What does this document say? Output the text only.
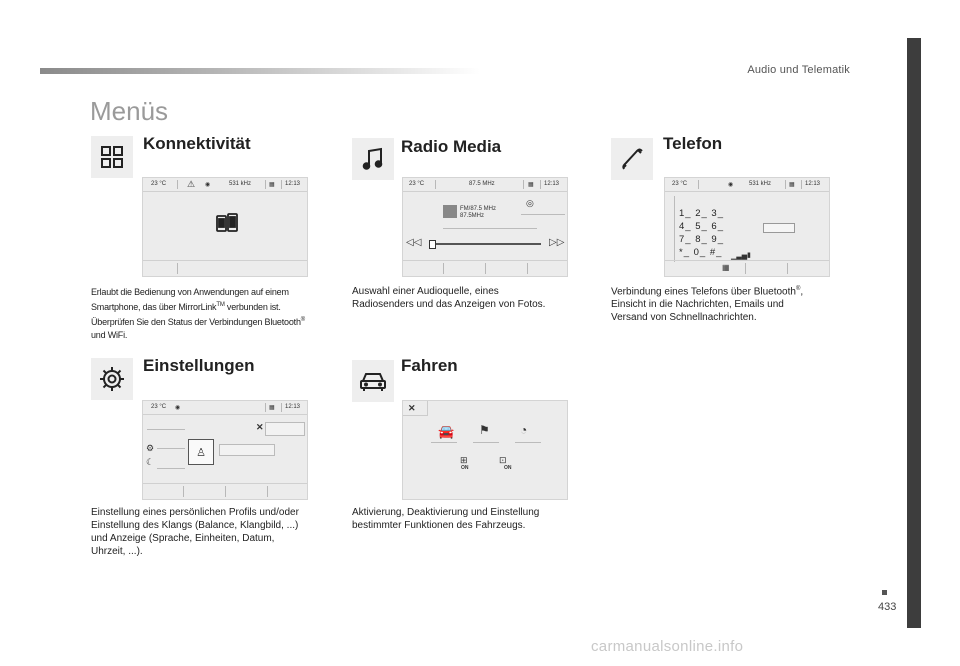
Audio und Telematik
433
Menüs
Konnektivität
23 °C ⚠ ◉	531 kHz	▦ 12:13

Erlaubt die Bedienung von Anwendungen auf einem
Smartphone, das über MirrorLink™ verbunden ist.
Überprüfen Sie den Status der Verbindungen Bluetooth®
und WiFi.

Radio Media
23 °C	87.5 MHz	▦ 12:13
◎
FM/87.5 MHz
87.5MHz
◁◁	▷▷

Auswahl einer Audioquelle, eines
Radiosenders und das Anzeigen von Fotos.

Telefon
23 °C	◉	531 kHz	▦ 12:13
1_ 2_ 3_
4_ 5_ 6_
7_ 8_ 9_
*_ 0_ #_ ▁▃▅ ▮
▦

Verbindung eines Telefons über Bluetooth®,
Einsicht in die Nachrichten, Emails und
Versand von Schnellnachrichten.

Einstellungen
23 °C ◉	▦ 12:13
✕
⚙
☾
♙

Einstellung eines persönlichen Profils und/oder
Einstellung des Klangs (Balance, Klangbild, ...)
und Anzeige (Sprache, Einheiten, Datum,
Uhrzeit, ...).

Fahren
✕
🚘 ⚑	◔
⊞
ON
⊡
ON

Aktivierung, Deaktivierung und Einstellung
bestimmter Funktionen des Fahrzeugs.

carmanualsonline.info
